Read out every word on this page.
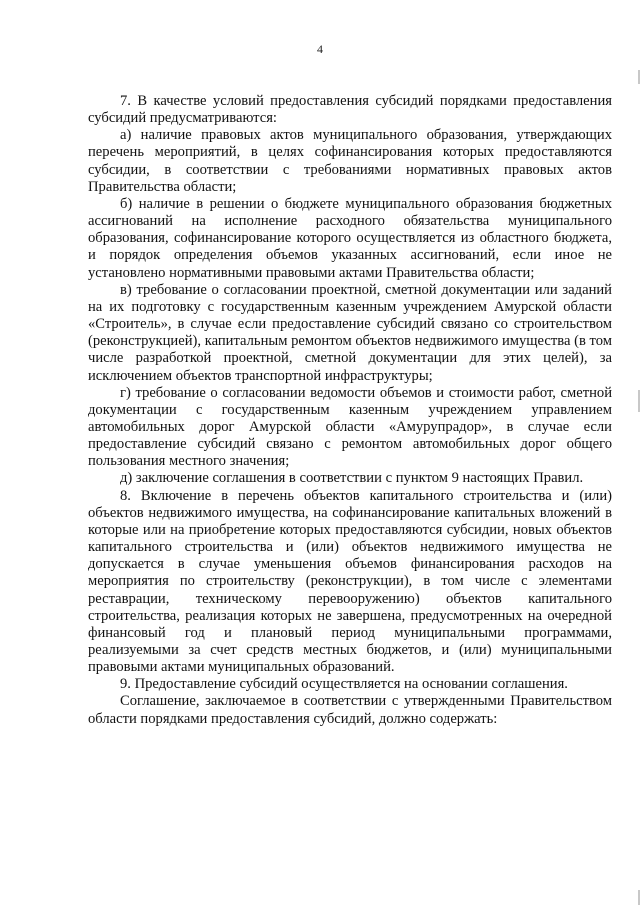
4

7. В качестве условий предоставления субсидий порядками предоставления субсидий предусматриваются:

а) наличие правовых актов муниципального образования, утверждающих перечень мероприятий, в целях софинансирования которых предоставляются субсидии, в соответствии с требованиями нормативных правовых актов Правительства области;

б) наличие в решении о бюджете муниципального образования бюджетных ассигнований на исполнение расходного обязательства муниципального образования, софинансирование которого осуществляется из областного бюджета, и порядок определения объемов указанных ассигнований, если иное не установлено нормативными правовыми актами Правительства области;

в) требование о согласовании проектной, сметной документации или заданий на их подготовку с государственным казенным учреждением Амурской области «Строитель», в случае если предоставление субсидий связано со строительством (реконструкцией), капитальным ремонтом объектов недвижимого имущества (в том числе разработкой проектной, сметной документации для этих целей), за исключением объектов транспортной инфраструктуры;

г) требование о согласовании ведомости объемов и стоимости работ, сметной документации с государственным казенным учреждением управлением автомобильных дорог Амурской области «Амурупрадор», в случае если предоставление субсидий связано с ремонтом автомобильных дорог общего пользования местного значения;

д) заключение соглашения в соответствии с пунктом 9 настоящих Правил.

8. Включение в перечень объектов капитального строительства и (или) объектов недвижимого имущества, на софинансирование капитальных вложений в которые или на приобретение которых предоставляются субсидии, новых объектов капитального строительства и (или) объектов недвижимого имущества не допускается в случае уменьшения объемов финансирования расходов на мероприятия по строительству (реконструкции), в том числе с элементами реставрации, техническому перевооружению) объектов капитального строительства, реализация которых не завершена, предусмотренных на очередной финансовый год и плановый период муниципальными программами, реализуемыми за счет средств местных бюджетов, и (или) муниципальными правовыми актами муниципальных образований.

9. Предоставление субсидий осуществляется на основании соглашения.

Соглашение, заключаемое в соответствии с утвержденными Правительством области порядками предоставления субсидий, должно содержать:
